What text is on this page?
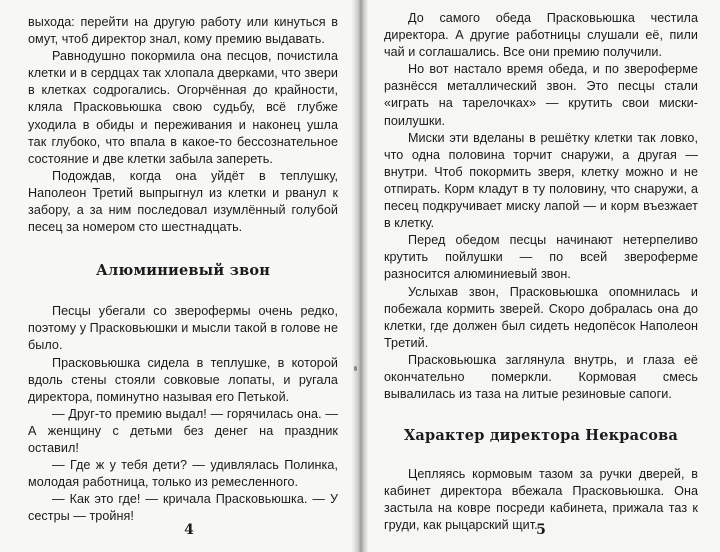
выхода: перейти на другую работу или кинуться в омут, чтоб директор знал, кому премию выдавать.

Равнодушно покормила она песцов, почистила клетки и в сердцах так хлопала дверками, что звери в клетках содрогались. Огорчённая до крайности, кляла Прасковьюшка свою судьбу, всё глубже уходила в обиды и переживания и наконец ушла так глубоко, что впала в какое-то бессознательное состояние и две клетки забыла запереть.

Подождав, когда она уйдёт в теплушку, Наполеон Третий выпрыгнул из клетки и рванул к забору, а за ним последовал изумлённый голубой песец за номером сто шестнадцать.

Алюминиевый звон

Песцы убегали со зверофермы очень редко, поэтому у Прасковьюшки и мысли такой в голове не было.

Прасковьюшка сидела в теплушке, в которой вдоль стены стояли совковые лопаты, и ругала директора, поминутно называя его Петькой.

— Друг-то премию выдал! — горячилась она. — А женщину с детьми без денег на праздник оставил!

— Где ж у тебя дети? — удивлялась Полинка, молодая работница, только из ремесленного.

— Как это где! — кричала Прасковьюшка. — У сестры — тройня!

4

До самого обеда Прасковьюшка честила директора. А другие работницы слушали её, пили чай и соглашались. Все они премию получили.

Но вот настало время обеда, и по звероферме разнёсся металлический звон. Это песцы стали «играть на тарелочках» — крутить свои миски-поилушки.

Миски эти вделаны в решётку клетки так ловко, что одна половина торчит снаружи, а другая — внутри. Чтоб покормить зверя, клетку можно и не отпирать. Корм кладут в ту половину, что снаружи, а песец подкручивает миску лапой — и корм въезжает в клетку.

Перед обедом песцы начинают нетерпеливо крутить пойлушки — по всей звероферме разносится алюминиевый звон.

Услыхав звон, Прасковьюшка опомнилась и побежала кормить зверей. Скоро добралась она до клетки, где должен был сидеть недопёсок Наполеон Третий.

Прасковьюшка заглянула внутрь, и глаза её окончательно померкли. Кормовая смесь вывалилась из таза на литые резиновые сапоги.

Характер директора Некрасова

Цепляясь кормовым тазом за ручки дверей, в кабинет директора вбежала Прасковьюшка. Она застыла на ковре посреди кабинета, прижала таз к груди, как рыцарский щит.

5
